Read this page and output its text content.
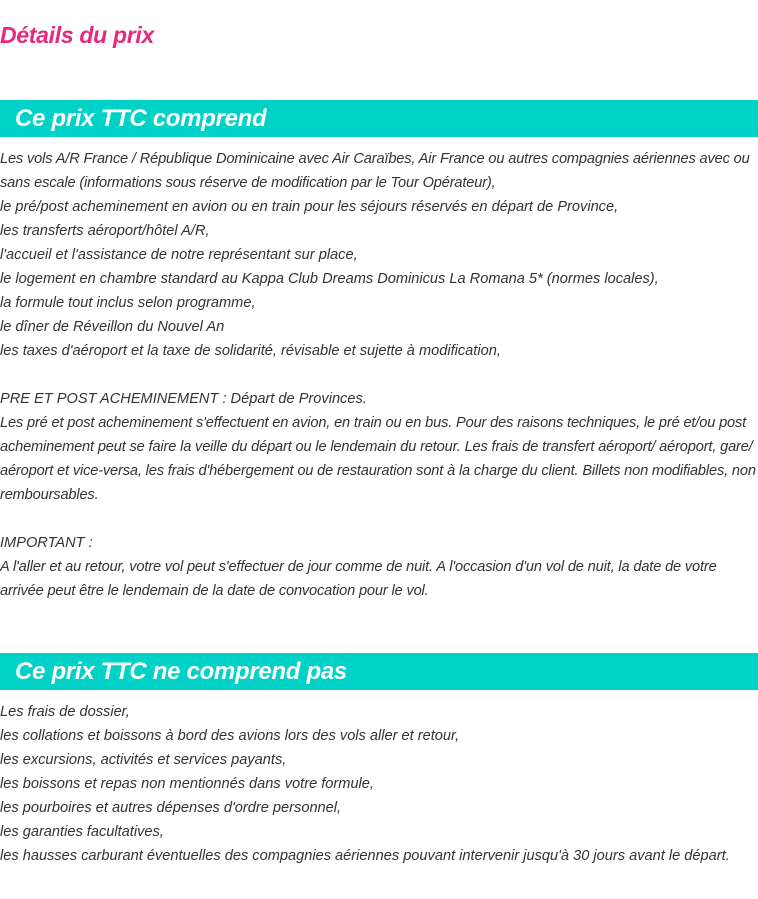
Détails du prix
Ce prix TTC comprend
Les vols A/R France / République Dominicaine avec Air Caraïbes, Air France ou autres compagnies aériennes avec ou sans escale (informations sous réserve de modification par le Tour Opérateur),
le pré/post acheminement en avion ou en train pour les séjours réservés en départ de Province,
les transferts aéroport/hôtel A/R,
l'accueil et l'assistance de notre représentant sur place,
le logement en chambre standard au Kappa Club Dreams Dominicus La Romana 5* (normes locales),
la formule tout inclus selon programme,
le dîner de Réveillon du Nouvel An
les taxes d'aéroport et la taxe de solidarité, révisable et sujette à modification,
PRE ET POST ACHEMINEMENT : Départ de Provinces.
Les pré et post acheminement s'effectuent en avion, en train ou en bus. Pour des raisons techniques, le pré et/ou post acheminement peut se faire la veille du départ ou le lendemain du retour. Les frais de transfert aéroport/ aéroport, gare/ aéroport et vice-versa, les frais d'hébergement ou de restauration sont à la charge du client. Billets non modifiables, non remboursables.
IMPORTANT :
A l'aller et au retour, votre vol peut s'effectuer de jour comme de nuit. A l'occasion d'un vol de nuit, la date de votre arrivée peut être le lendemain de la date de convocation pour le vol.
Ce prix TTC ne comprend pas
Les frais de dossier,
les collations et boissons à bord des avions lors des vols aller et retour,
les excursions, activités et services payants,
les boissons et repas non mentionnés dans votre formule,
les pourboires et autres dépenses d'ordre personnel,
les garanties facultatives,
les hausses carburant éventuelles des compagnies aériennes pouvant intervenir jusqu'à 30 jours avant le départ.
